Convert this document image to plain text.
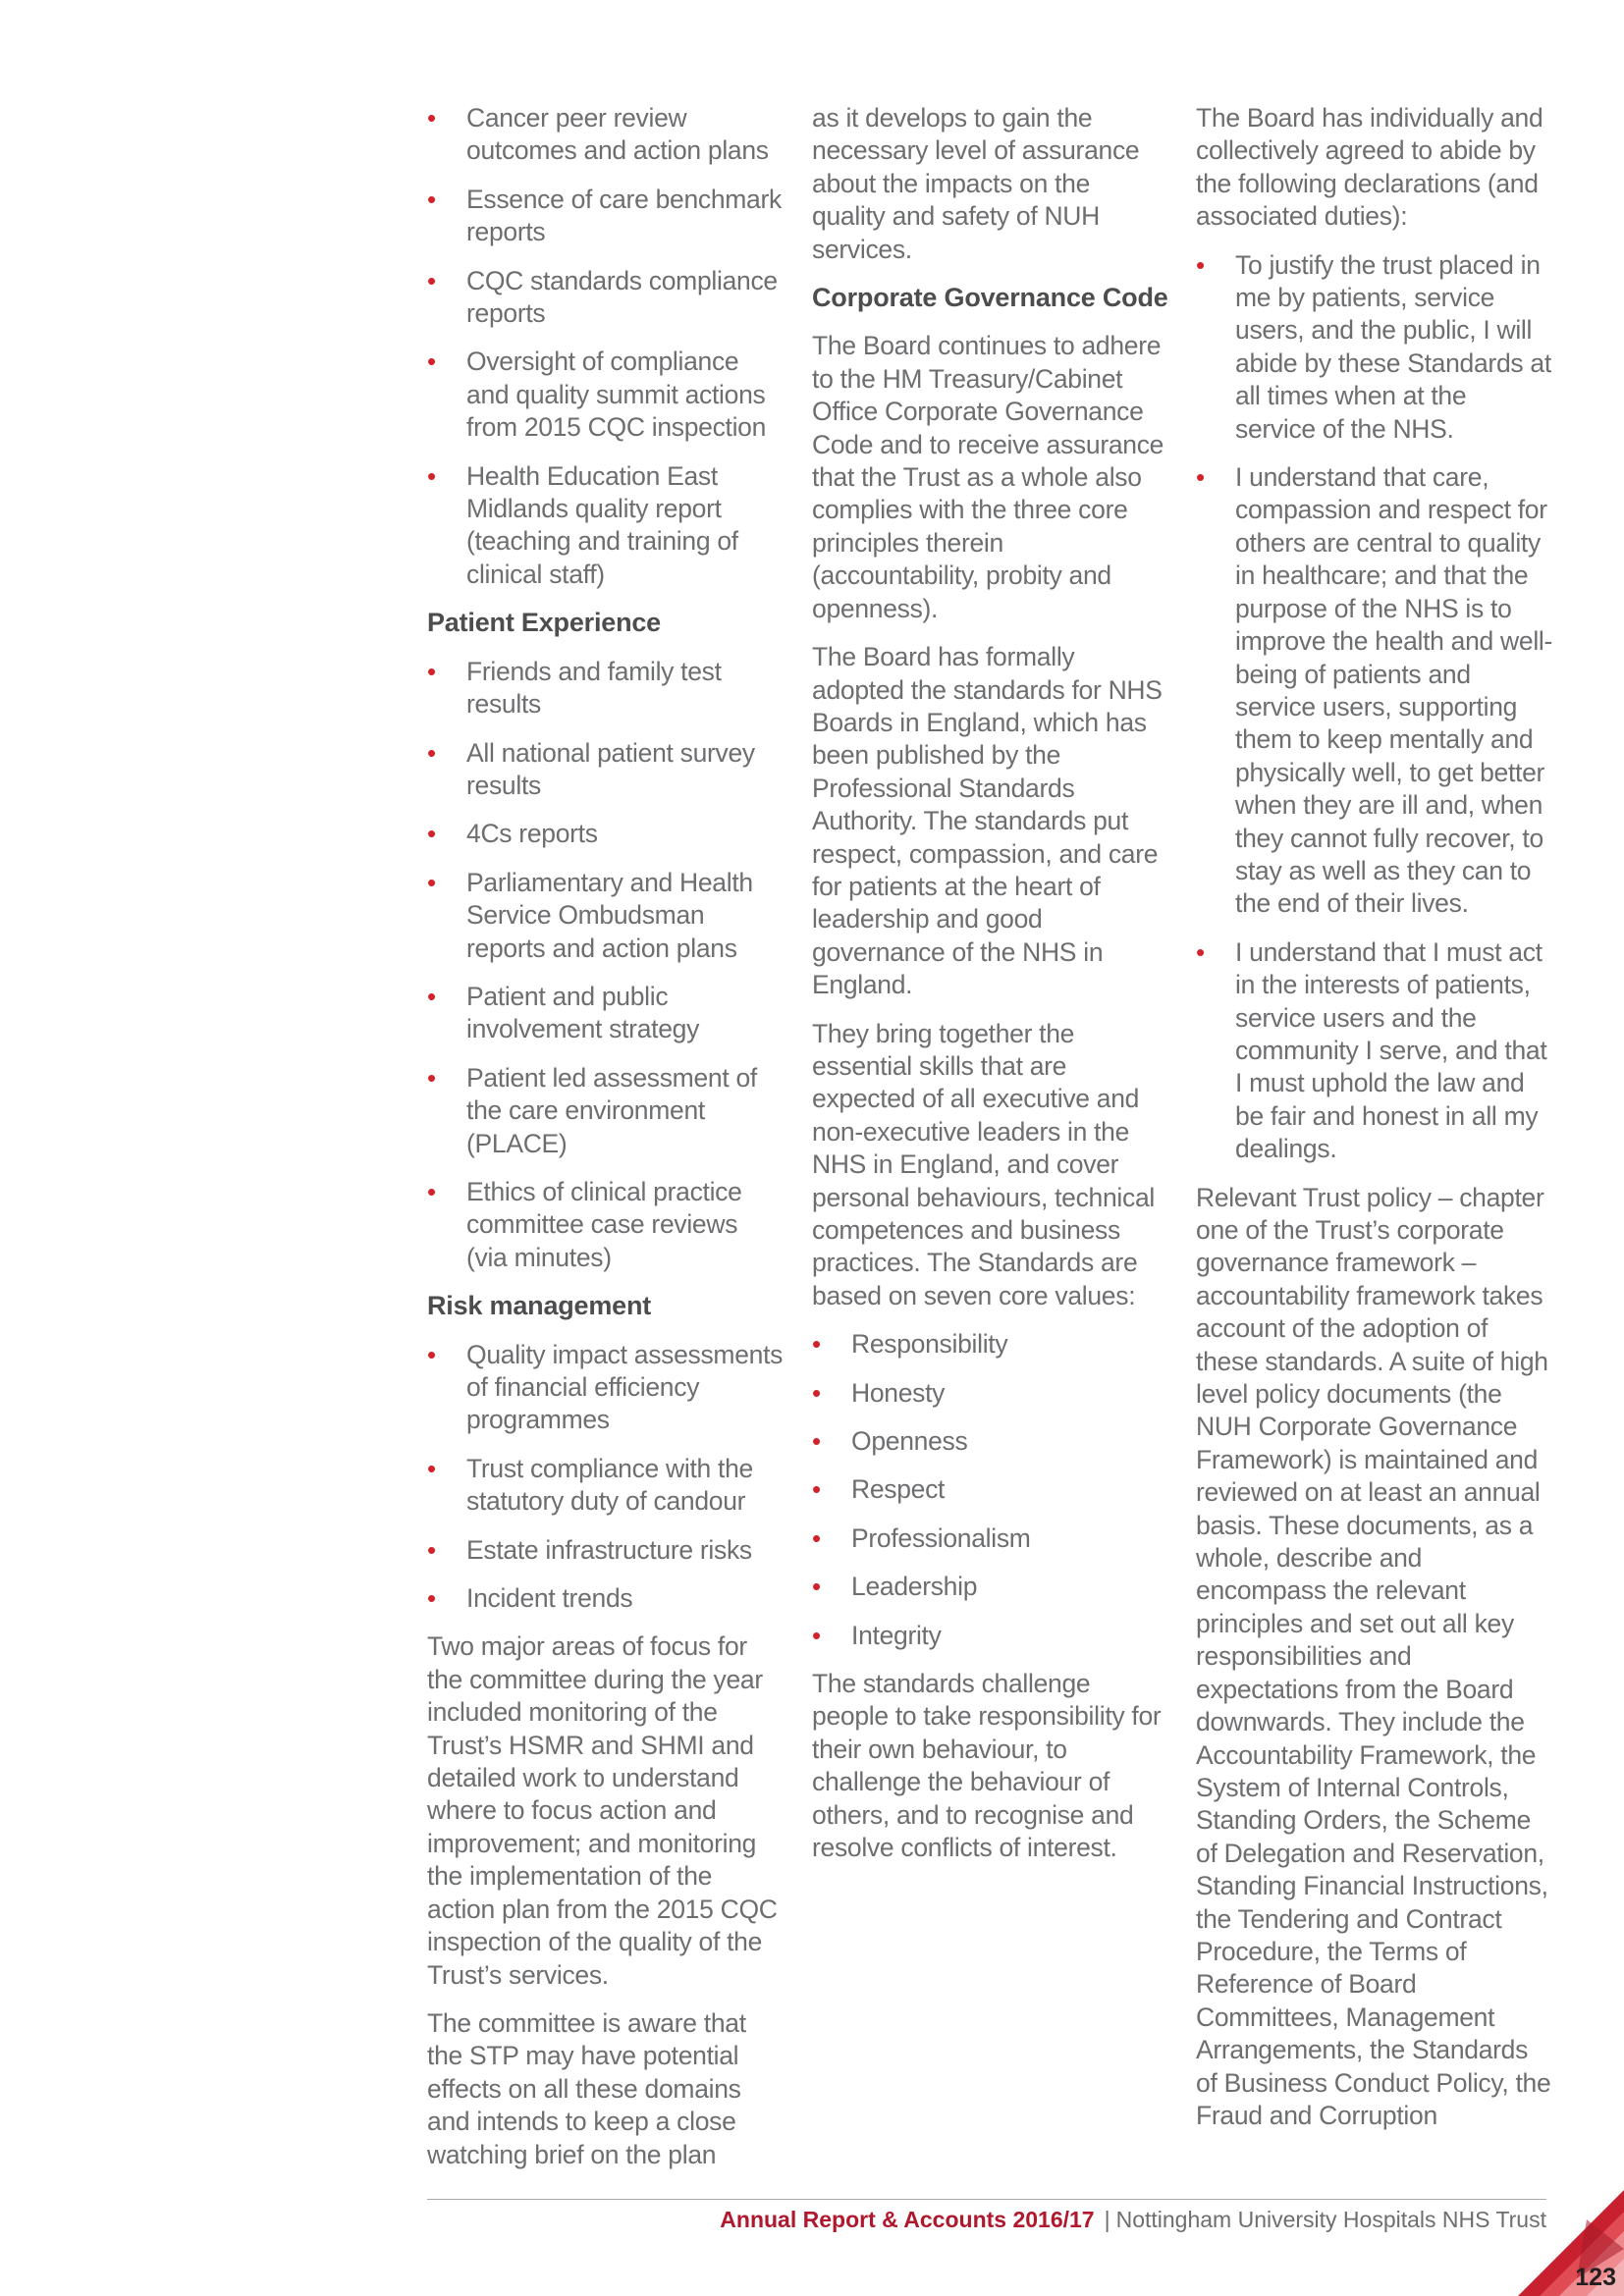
• Cancer peer review outcomes and action plans
• Essence of care benchmark reports
• CQC standards compliance reports
• Oversight of compliance and quality summit actions from 2015 CQC inspection
• Health Education East Midlands quality report (teaching and training of clinical staff)
Patient Experience
• Friends and family test results
• All national patient survey results
• 4Cs reports
• Parliamentary and Health Service Ombudsman reports and action plans
• Patient and public involvement strategy
• Patient led assessment of the care environment (PLACE)
• Ethics of clinical practice committee case reviews (via minutes)
Risk management
• Quality impact assessments of financial efficiency programmes
• Trust compliance with the statutory duty of candour
• Estate infrastructure risks
• Incident trends

Two major areas of focus for the committee during the year included monitoring of the Trust’s HSMR and SHMI and detailed work to understand where to focus action and improvement; and monitoring the implementation of the action plan from the 2015 CQC inspection of the quality of the Trust’s services.

The committee is aware that the STP may have potential effects on all these domains and intends to keep a close watching brief on the plan

as it develops to gain the necessary level of assurance about the impacts on the quality and safety of NUH services.

Corporate Governance Code

The Board continues to adhere to the HM Treasury/Cabinet Office Corporate Governance Code and to receive assurance that the Trust as a whole also complies with the three core principles therein (accountability, probity and openness).

The Board has formally adopted the standards for NHS Boards in England, which has been published by the Professional Standards Authority. The standards put respect, compassion, and care for patients at the heart of leadership and good governance of the NHS in England.

They bring together the essential skills that are expected of all executive and non-executive leaders in the NHS in England, and cover personal behaviours, technical competences and business practices. The Standards are based on seven core values:

• Responsibility
• Honesty
• Openness
• Respect
• Professionalism
• Leadership
• Integrity

The standards challenge people to take responsibility for their own behaviour, to challenge the behaviour of others, and to recognise and resolve conflicts of interest.

The Board has individually and collectively agreed to abide by the following declarations (and associated duties):

• To justify the trust placed in me by patients, service users, and the public, I will abide by these Standards at all times when at the service of the NHS.
• I understand that care, compassion and respect for others are central to quality in healthcare; and that the purpose of the NHS is to improve the health and well-being of patients and service users, supporting them to keep mentally and physically well, to get better when they are ill and, when they cannot fully recover, to stay as well as they can to the end of their lives.
• I understand that I must act in the interests of patients, service users and the community I serve, and that I must uphold the law and be fair and honest in all my dealings.

Relevant Trust policy – chapter one of the Trust’s corporate governance framework – accountability framework takes account of the adoption of these standards. A suite of high level policy documents (the NUH Corporate Governance Framework) is maintained and reviewed on at least an annual basis. These documents, as a whole, describe and encompass the relevant principles and set out all key responsibilities and expectations from the Board downwards. They include the Accountability Framework, the System of Internal Controls, Standing Orders, the Scheme of Delegation and Reservation, Standing Financial Instructions, the Tendering and Contract Procedure, the Terms of Reference of Board Committees, Management Arrangements, the Standards of Business Conduct Policy, the Fraud and Corruption

Annual Report & Accounts 2016/17 | Nottingham University Hospitals NHS Trust
123
